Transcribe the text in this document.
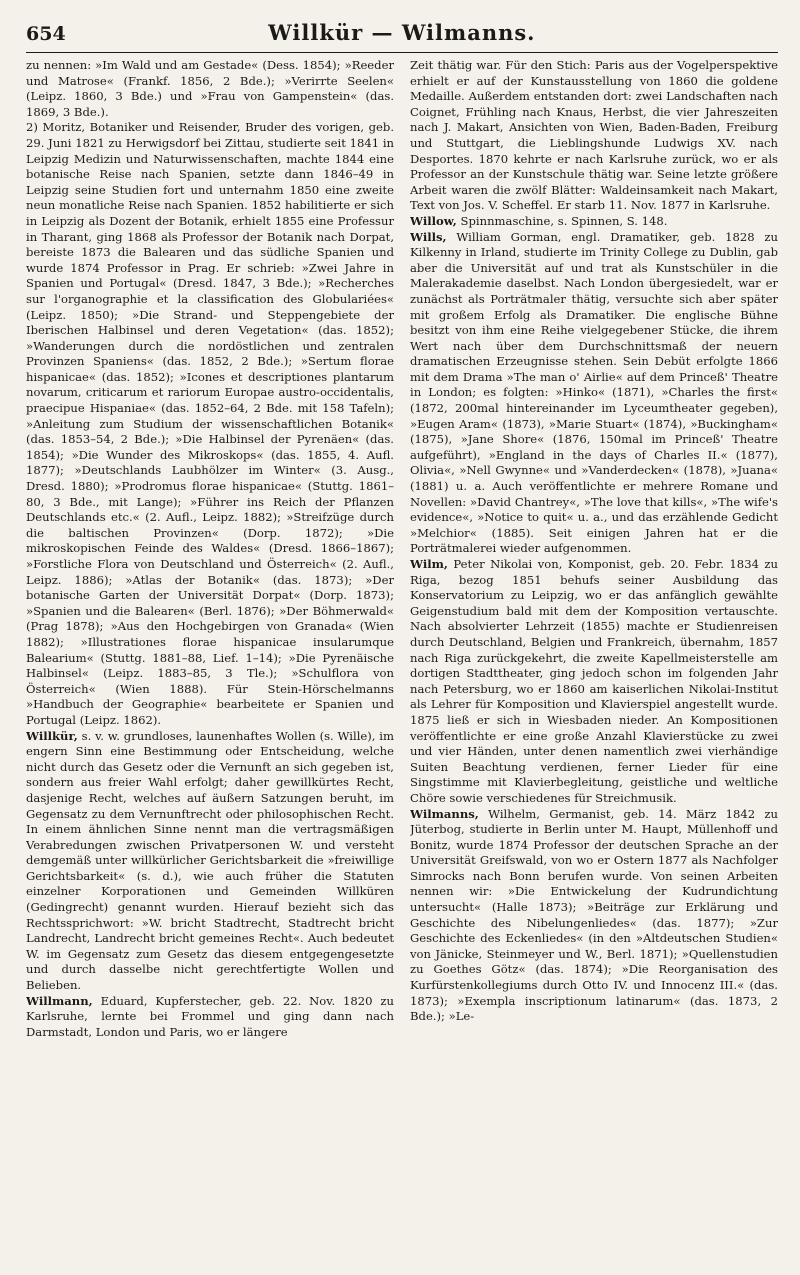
654	Willkür — Wilmanns.

zu nennen: »Im Wald und am Gestade« (Dess. 1854); »Reeder und Matrose« (Frankf. 1856, 2 Bde.); »Verirrte Seelen« (Leipz. 1860, 3 Bde.) und »Frau von Gampenstein« (das. 1869, 3 Bde.).

2) Moritz, Botaniker und Reisender, Bruder des vorigen, geb. 29. Juni 1821 zu Herwigsdorf bei Zittau, studierte seit 1841 in Leipzig Medizin und Naturwissenschaften, machte 1844 eine botanische Reise nach Spanien, setzte dann 1846–49 in Leipzig seine Studien fort und unternahm 1850 eine zweite neun monatliche Reise nach Spanien. 1852 habilitierte er sich in Leipzig als Dozent der Botanik, erhielt 1855 eine Professur in Tharant, ging 1868 als Professor der Botanik nach Dorpat, bereiste 1873 die Balearen und das südliche Spanien und wurde 1874 Professor in Prag. Er schrieb: »Zwei Jahre in Spanien und Portugal« (Dresd. 1847, 3 Bde.); »Recherches sur l'organographie et la classification des Globulariées« (Leipz. 1850); »Die Strand- und Steppengebiete der Iberischen Halbinsel und deren Vegetation« (das. 1852); »Wanderungen durch die nordöstlichen und zentralen Provinzen Spaniens« (das. 1852, 2 Bde.); »Sertum florae hispanicae« (das. 1852); »Icones et descriptiones plantarum novarum, criticarum et rariorum Europae austro-occidentalis, praecipue Hispaniae« (das. 1852–64, 2 Bde. mit 158 Tafeln); »Anleitung zum Studium der wissenschaftlichen Botanik« (das. 1853–54, 2 Bde.); »Die Halbinsel der Pyrenäen« (das. 1854); »Die Wunder des Mikroskops« (das. 1855, 4. Aufl. 1877); »Deutschlands Laubhölzer im Winter« (3. Ausg., Dresd. 1880); »Prodromus florae hispanicae« (Stuttg. 1861–80, 3 Bde., mit Lange); »Führer ins Reich der Pflanzen Deutschlands etc.« (2. Aufl., Leipz. 1882); »Streifzüge durch die baltischen Provinzen« (Dorp. 1872); »Die mikroskopischen Feinde des Waldes« (Dresd. 1866–1867); »Forstliche Flora von Deutschland und Österreich« (2. Aufl., Leipz. 1886); »Atlas der Botanik« (das. 1873); »Der botanische Garten der Universität Dorpat« (Dorp. 1873); »Spanien und die Balearen« (Berl. 1876); »Der Böhmerwald« (Prag 1878); »Aus den Hochgebirgen von Granada« (Wien 1882); »Illustrationes florae hispanicae insularumque Balearium« (Stuttg. 1881–88, Lief. 1–14); »Die Pyrenäische Halbinsel« (Leipz. 1883–85, 3 Tle.); »Schulflora von Österreich« (Wien 1888). Für Stein-Hörschelmanns »Handbuch der Geographie« bearbeitete er Spanien und Portugal (Leipz. 1862).

Willkür, s. v. w. grundloses, launenhaftes Wollen (s. Wille), im engern Sinn eine Bestimmung oder Entscheidung, welche nicht durch das Gesetz oder die Vernunft an sich gegeben ist, sondern aus freier Wahl erfolgt; daher gewillkürtes Recht, dasjenige Recht, welches auf äußern Satzungen beruht, im Gegensatz zu dem Vernunftrecht oder philosophischen Recht. In einem ähnlichen Sinne nennt man die vertragsmäßigen Verabredungen zwischen Privatpersonen W. und versteht demgemäß unter willkürlicher Gerichtsbarkeit die »freiwillige Gerichtsbarkeit« (s. d.), wie auch früher die Statuten einzelner Korporationen und Gemeinden Willküren (Gedingrecht) genannt wurden. Hierauf bezieht sich das Rechtssprichwort: »W. bricht Stadtrecht, Stadtrecht bricht Landrecht, Landrecht bricht gemeines Recht«. Auch bedeutet W. im Gegensatz zum Gesetz das diesem entgegengesetzte und durch dasselbe nicht gerechtfertigte Wollen und Belieben.

Willmann, Eduard, Kupferstecher, geb. 22. Nov. 1820 zu Karlsruhe, lernte bei Frommel und ging dann nach Darmstadt, London und Paris, wo er längere

Zeit thätig war. Für den Stich: Paris aus der Vogelperspektive erhielt er auf der Kunstausstellung von 1860 die goldene Medaille. Außerdem entstanden dort: zwei Landschaften nach Coignet, Frühling nach Knaus, Herbst, die vier Jahreszeiten nach J. Makart, Ansichten von Wien, Baden-Baden, Freiburg und Stuttgart, die Lieblingshunde Ludwigs XV. nach Desportes. 1870 kehrte er nach Karlsruhe zurück, wo er als Professor an der Kunstschule thätig war. Seine letzte größere Arbeit waren die zwölf Blätter: Waldeinsamkeit nach Makart, Text von Jos. V. Scheffel. Er starb 11. Nov. 1877 in Karlsruhe.

Willow, Spinnmaschine, s. Spinnen, S. 148.

Wills, William Gorman, engl. Dramatiker, geb. 1828 zu Kilkenny in Irland, studierte im Trinity College zu Dublin, gab aber die Universität auf und trat als Kunstschüler in die Malerakademie daselbst. Nach London übergesiedelt, war er zunächst als Porträtmaler thätig, versuchte sich aber später mit großem Erfolg als Dramatiker. Die englische Bühne besitzt von ihm eine Reihe vielgegebener Stücke, die ihrem Wert nach über dem Durchschnittsmaß der neuern dramatischen Erzeugnisse stehen. Sein Debüt erfolgte 1866 mit dem Drama »The man o' Airlie« auf dem Princeß' Theatre in London; es folgten: »Hinko« (1871), »Charles the first« (1872, 200mal hintereinander im Lyceumtheater gegeben), »Eugen Aram« (1873), »Marie Stuart« (1874), »Buckingham« (1875), »Jane Shore« (1876, 150mal im Princeß' Theatre aufgeführt), »England in the days of Charles II.« (1877), Olivia«, »Nell Gwynne« und »Vanderdecken« (1878), »Juana« (1881) u. a. Auch veröffentlichte er mehrere Romane und Novellen: »David Chantrey«, »The love that kills«, »The wife's evidence«, »Notice to quit« u. a., und das erzählende Gedicht »Melchior« (1885). Seit einigen Jahren hat er die Porträtmalerei wieder aufgenommen.

Wilm, Peter Nikolai von, Komponist, geb. 20. Febr. 1834 zu Riga, bezog 1851 behufs seiner Ausbildung das Konservatorium zu Leipzig, wo er das anfänglich gewählte Geigenstudium bald mit dem der Komposition vertauschte. Nach absolvierter Lehrzeit (1855) machte er Studienreisen durch Deutschland, Belgien und Frankreich, übernahm, 1857 nach Riga zurückgekehrt, die zweite Kapellmeisterstelle am dortigen Stadttheater, ging jedoch schon im folgenden Jahr nach Petersburg, wo er 1860 am kaiserlichen Nikolai-Institut als Lehrer für Komposition und Klavierspiel angestellt wurde. 1875 ließ er sich in Wiesbaden nieder. An Kompositionen veröffentlichte er eine große Anzahl Klavierstücke zu zwei und vier Händen, unter denen namentlich zwei vierhändige Suiten Beachtung verdienen, ferner Lieder für eine Singstimme mit Klavierbegleitung, geistliche und weltliche Chöre sowie verschiedenes für Streichmusik.

Wilmanns, Wilhelm, Germanist, geb. 14. März 1842 zu Jüterbog, studierte in Berlin unter M. Haupt, Müllenhoff und Bonitz, wurde 1874 Professor der deutschen Sprache an der Universität Greifswald, von wo er Ostern 1877 als Nachfolger Simrocks nach Bonn berufen wurde. Von seinen Arbeiten nennen wir: »Die Entwickelung der Kudrundichtung untersucht« (Halle 1873); »Beiträge zur Erklärung und Geschichte des Nibelungenliedes« (das. 1877); »Zur Geschichte des Eckenliedes« (in den »Altdeutschen Studien« von Jänicke, Steinmeyer und W., Berl. 1871); »Quellenstudien zu Goethes Götz« (das. 1874); »Die Reorganisation des Kurfürstenkollegiums durch Otto IV. und Innocenz III.« (das. 1873); »Exempla inscriptionum latinarum« (das. 1873, 2 Bde.); »Le-
